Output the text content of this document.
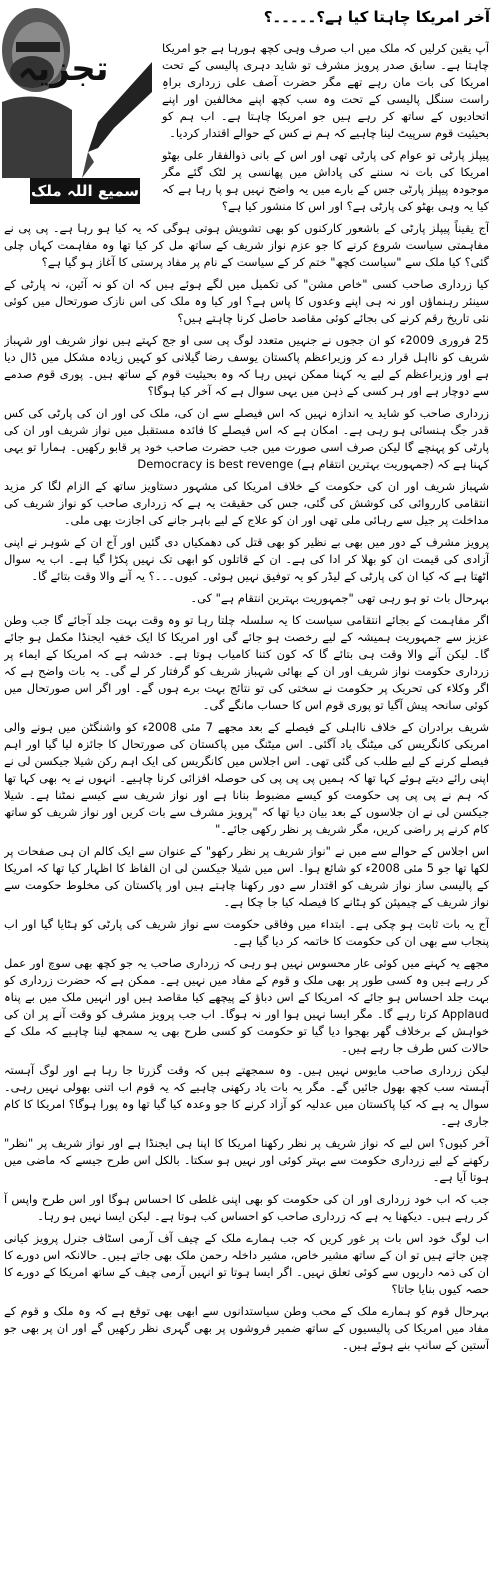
تجزیہ
سمیع اللہ ملک
آخر امریکا چاہتا کیا ہے؟۔۔۔۔۔؟

آپ یقین کرلیں کہ ملک میں اب صرف وہی کچھ ہورہا ہے جو امریکا چاہتا ہے۔ سابق صدر پرویز مشرف تو شاید دہری پالیسی کے تحت امریکا کی بات مان رہے تھے مگر حضرت آصف علی زرداری براہِ راست سنگل پالیسی کے تحت وہ سب کچھ اپنے مخالفین اور اپنے اتحادیوں کے ساتھ کر رہے ہیں جو امریکا چاہتا ہے۔ اب ہم کو بحیثیت قوم سرپیٹ لینا چاہیے کہ ہم نے کس کے حوالے اقتدار کردیا۔

پیپلز پارٹی تو عوام کی پارٹی تھی اور اس کے بانی ذوالفقار علی بھٹو امریکا کی بات نہ سننے کی پاداش میں پھانسی پر لٹک گئے مگر موجودہ پیپلز پارٹی جس کے بارے میں یہ واضح نہیں ہو پا رہا ہے کہ کیا یہ وہی بھٹو کی پارٹی ہے؟ اور اس کا منشور کیا ہے؟

آج یقیناً پیپلز پارٹی کے باشعور کارکنوں کو بھی تشویش ہوتی ہوگی کہ یہ کیا ہو رہا ہے۔ پی پی نے مفاہمتی سیاست شروع کرنے کا جو عزم نواز شریف کے ساتھ مل کر کیا تھا وہ مفاہمت کہاں چلی گئی؟ کیا ملک سے "سیاست کچھ" ختم کر کے سیاست کے نام پر مفاد پرستی کا آغاز ہو گیا ہے؟

کیا زرداری صاحب کسی "خاص مشن" کی تکمیل میں لگے ہوئے ہیں کہ ان کو نہ آئین، نہ پارٹی کے سینئر رہنماؤں اور نہ ہی اپنے وعدوں کا پاس ہے؟ اور کیا وہ ملک کی اس نازک صورتحال میں کوئی نئی تاریخ رقم کرنے کی بجائے کوئی مقاصد حاصل کرنا چاہتے ہیں؟

25 فروری 2009ء کو ان ججوں نے جنہیں متعدد لوگ پی سی او جج کہتے ہیں نواز شریف اور شہباز شریف کو نااہل قرار دے کر وزیراعظم پاکستان یوسف رضا گیلانی کو کہیں زیادہ مشکل میں ڈال دیا ہے اور وزیراعظم کے لیے یہ کہنا ممکن نہیں رہا کہ وہ بحیثیت قوم کے ساتھ ہیں۔ پوری قوم صدمے سے دوچار ہے اور ہر کسی کے ذہن میں یہی سوال ہے کہ آخر کیا ہوگا؟

زرداری صاحب کو شاید یہ اندازہ نہیں کہ اس فیصلے سے ان کی، ملک کی اور ان کی پارٹی کی کس قدر جگ ہنسائی ہو رہی ہے۔ امکان ہے کہ اس فیصلے کا فائدہ مستقبل میں نواز شریف اور ان کی پارٹی کو پہنچے گا لیکن صرف اسی صورت میں جب حضرت صاحب خود پر قابو رکھیں۔ ہمارا تو یہی کہنا ہے کہ (جمہوریت بہترین انتقام ہے) Democracy is best revenge

شہباز شریف اور ان کی حکومت کے خلاف امریکا کی مشہور دستاویز ساتھ کے الزام لگا کر مزید انتقامی کارروائی کی کوشش کی گئی، جس کی حقیقت یہ ہے کہ زرداری صاحب کو نواز شریف کی مداخلت پر جیل سے رہائی ملی تھی اور ان کو علاج کے لیے باہر جانے کی اجازت بھی ملی۔

پرویز مشرف کے دور میں بھی بے نظیر کو بھی قتل کی دھمکیاں دی گئیں اور آج ان کے شوہر نے اپنی آزادی کی قیمت ان کو بھلا کر ادا کی ہے۔ ان کے قاتلوں کو ابھی تک نہیں پکڑا گیا ہے۔ اب یہ سوال اٹھتا ہے کہ کیا ان کی پارٹی کے لیڈر کو یہ توفیق نہیں ہوئی۔ کیوں۔۔۔؟ یہ آنے والا وقت بتائے گا۔

بہرحال بات تو ہو رہی تھی "جمہوریت بہترین انتقام ہے" کی۔

اگر مفاہمت کے بجائے انتقامی سیاست کا یہ سلسلہ چلتا رہا تو وہ وقت بہت جلد آجائے گا جب وطن عزیز سے جمہوریت ہمیشہ کے لیے رخصت ہو جائے گی اور امریکا کا ایک خفیہ ایجنڈا مکمل ہو جائے گا۔ لیکن آنے والا وقت ہی بتائے گا کہ کون کتنا کامیاب ہوتا ہے۔ خدشہ ہے کہ امریکا کے ایماء پر زرداری حکومت نواز شریف اور ان کے بھائی شہباز شریف کو گرفتار کر لے گی۔ یہ بات واضح ہے کہ اگر وکلاء کی تحریک پر حکومت نے سختی کی تو نتائج بہت برے ہوں گے۔ اور اگر اس صورتحال میں کوئی سانحہ پیش آگیا تو پوری قوم اس کا حساب مانگے گی۔

شریف برادران کے خلاف نااہلی کے فیصلے کے بعد مجھے 7 مئی 2008ء کو واشنگٹن میں ہونے والی امریکی کانگریس کی میٹنگ یاد آگئی۔ اس میٹنگ میں پاکستان کی صورتحال کا جائزہ لیا گیا اور اہم فیصلے کرنے کے لیے طلب کی گئی تھی۔ اس اجلاس میں کانگریس کی ایک اہم رکن شیلا جیکسن لی نے اپنی رائے دیتے ہوئے کہا تھا کہ ہمیں پی پی پی کی حوصلہ افزائی کرنا چاہیے۔ انہوں نے یہ بھی کہا تھا کہ ہم نے پی پی پی حکومت کو کیسے مضبوط بنانا ہے اور نواز شریف سے کیسے نمٹنا ہے۔ شیلا جیکسن لی نے ان جلاسوں کے بعد بیان دیا تھا کہ "پرویز مشرف سے بات کریں اور نواز شریف کو ساتھ کام کرنے پر راضی کریں، مگر شریف پر نظر رکھی جائے۔"

اس اجلاس کے حوالے سے میں نے "نواز شریف پر نظر رکھو" کے عنوان سے ایک کالم ان ہی صفحات پر لکھا تھا جو 5 مئی 2008ء کو شائع ہوا۔ اس میں شیلا جیکسن لی ان الفاظ کا اظہار کیا تھا کہ امریکا کے پالیسی ساز نواز شریف کو اقتدار سے دور رکھنا چاہتے ہیں اور پاکستان کی مخلوط حکومت سے نواز شریف کے چیمپئن کو ہٹانے کا فیصلہ کیا جا چکا ہے۔

آج یہ بات ثابت ہو چکی ہے۔ ابتداء میں وفاقی حکومت سے نواز شریف کی پارٹی کو ہٹایا گیا اور اب پنجاب سے بھی ان کی حکومت کا خاتمہ کر دیا گیا ہے۔

مجھے یہ کہنے میں کوئی عار محسوس نہیں ہو رہی کہ زرداری صاحب یہ جو کچھ بھی سوچ اور عمل کر رہے ہیں وہ کسی طور پر بھی ملک و قوم کے مفاد میں نہیں ہے۔ ممکن ہے کہ حضرت زرداری کو بہت جلد احساس ہو جائے کہ امریکا کے اس دباؤ کے پیچھے کیا مقاصد ہیں اور انہیں ملک میں بے پناہ Applaud کرتا رہے گا۔ مگر ایسا نہیں ہوا اور نہ ہوگا۔ اب جب پرویز مشرف کو وقت آنے پر ان کی خواہش کے برخلاف گھر بھجوا دیا گیا تو حکومت کو کسی طرح بھی یہ سمجھ لینا چاہیے کہ ملک کے حالات کس طرف جا رہے ہیں۔

لیکن زرداری صاحب مایوس نہیں ہیں۔ وہ سمجھتے ہیں کہ وقت گزرتا جا رہا ہے اور لوگ آہستہ آہستہ سب کچھ بھول جائیں گے۔ مگر یہ بات یاد رکھنی چاہیے کہ یہ قوم اب اتنی بھولی نہیں رہی۔ سوال یہ ہے کہ کیا پاکستان میں عدلیہ کو آزاد کرنے کا جو وعدہ کیا گیا تھا وہ پورا ہوگا؟ امریکا کا کام جاری ہے۔

آخر کیوں؟ اس لیے کہ نواز شریف پر نظر رکھنا امریکا کا اپنا ہی ایجنڈا ہے اور نواز شریف پر "نظر" رکھنے کے لیے زرداری حکومت سے بہتر کوئی اور نہیں ہو سکتا۔ بالکل اس طرح جیسے کہ ماضی میں ہوتا آیا ہے۔

جب کہ اب خود زرداری اور ان کی حکومت کو بھی اپنی غلطی کا احساس ہوگا اور اس طرح واپس آ کر رہے ہیں۔ دیکھنا یہ ہے کہ زرداری صاحب کو احساس کب ہوتا ہے۔ لیکن ایسا نہیں ہو رہا۔

اب لوگ خود اس بات پر غور کریں کہ جب ہمارے ملک کے چیف آف آرمی اسٹاف جنرل پرویز کیانی چین جاتے ہیں تو ان کے ساتھ مشیر خاص، مشیر داخلہ رحمن ملک بھی جاتے ہیں۔ حالانکہ اس دورے کا ان کی ذمہ داریوں سے کوئی تعلق نہیں۔ اگر ایسا ہوتا تو انہیں آرمی چیف کے ساتھ امریکا کے دورے کا حصہ کیوں بنایا جاتا؟

بہرحال قوم کو ہمارے ملک کے محب وطن سیاستدانوں سے ابھی بھی توقع ہے کہ وہ ملک و قوم کے مفاد میں امریکا کی پالیسیوں کے ساتھ ضمیر فروشوں پر بھی گہری نظر رکھیں گے اور ان پر بھی جو آستین کے سانپ بنے ہوئے ہیں۔
